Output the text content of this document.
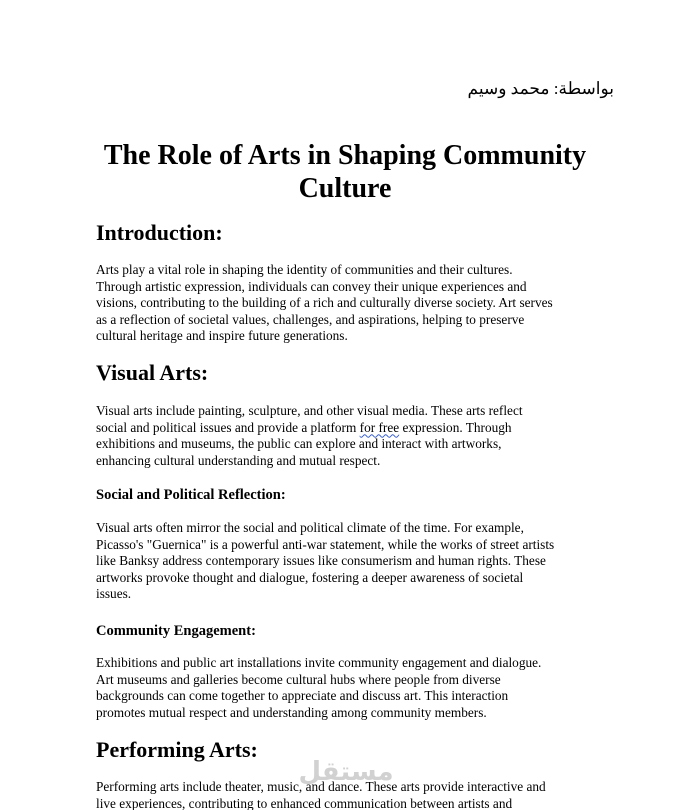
بواسطة: محمد وسيم
The Role of Arts in Shaping Community
Culture
Introduction:

Arts play a vital role in shaping the identity of communities and their cultures.
Through artistic expression, individuals can convey their unique experiences and
visions, contributing to the building of a rich and culturally diverse society. Art serves
as a reflection of societal values, challenges, and aspirations, helping to preserve
cultural heritage and inspire future generations.

Visual Arts:

Visual arts include painting, sculpture, and other visual media. These arts reflect
social and political issues and provide a platform for free expression. Through
exhibitions and museums, the public can explore and interact with artworks,
enhancing cultural understanding and mutual respect.

Social and Political Reflection:

Visual arts often mirror the social and political climate of the time. For example,
Picasso's "Guernica" is a powerful anti-war statement, while the works of street artists
like Banksy address contemporary issues like consumerism and human rights. These
artworks provoke thought and dialogue, fostering a deeper awareness of societal
issues.

Community Engagement:

Exhibitions and public art installations invite community engagement and dialogue.
Art museums and galleries become cultural hubs where people from diverse
backgrounds can come together to appreciate and discuss art. This interaction
promotes mutual respect and understanding among community members.

Performing Arts:

Performing arts include theater, music, and dance. These arts provide interactive and
live experiences, contributing to enhanced communication between artists and

مستقل
